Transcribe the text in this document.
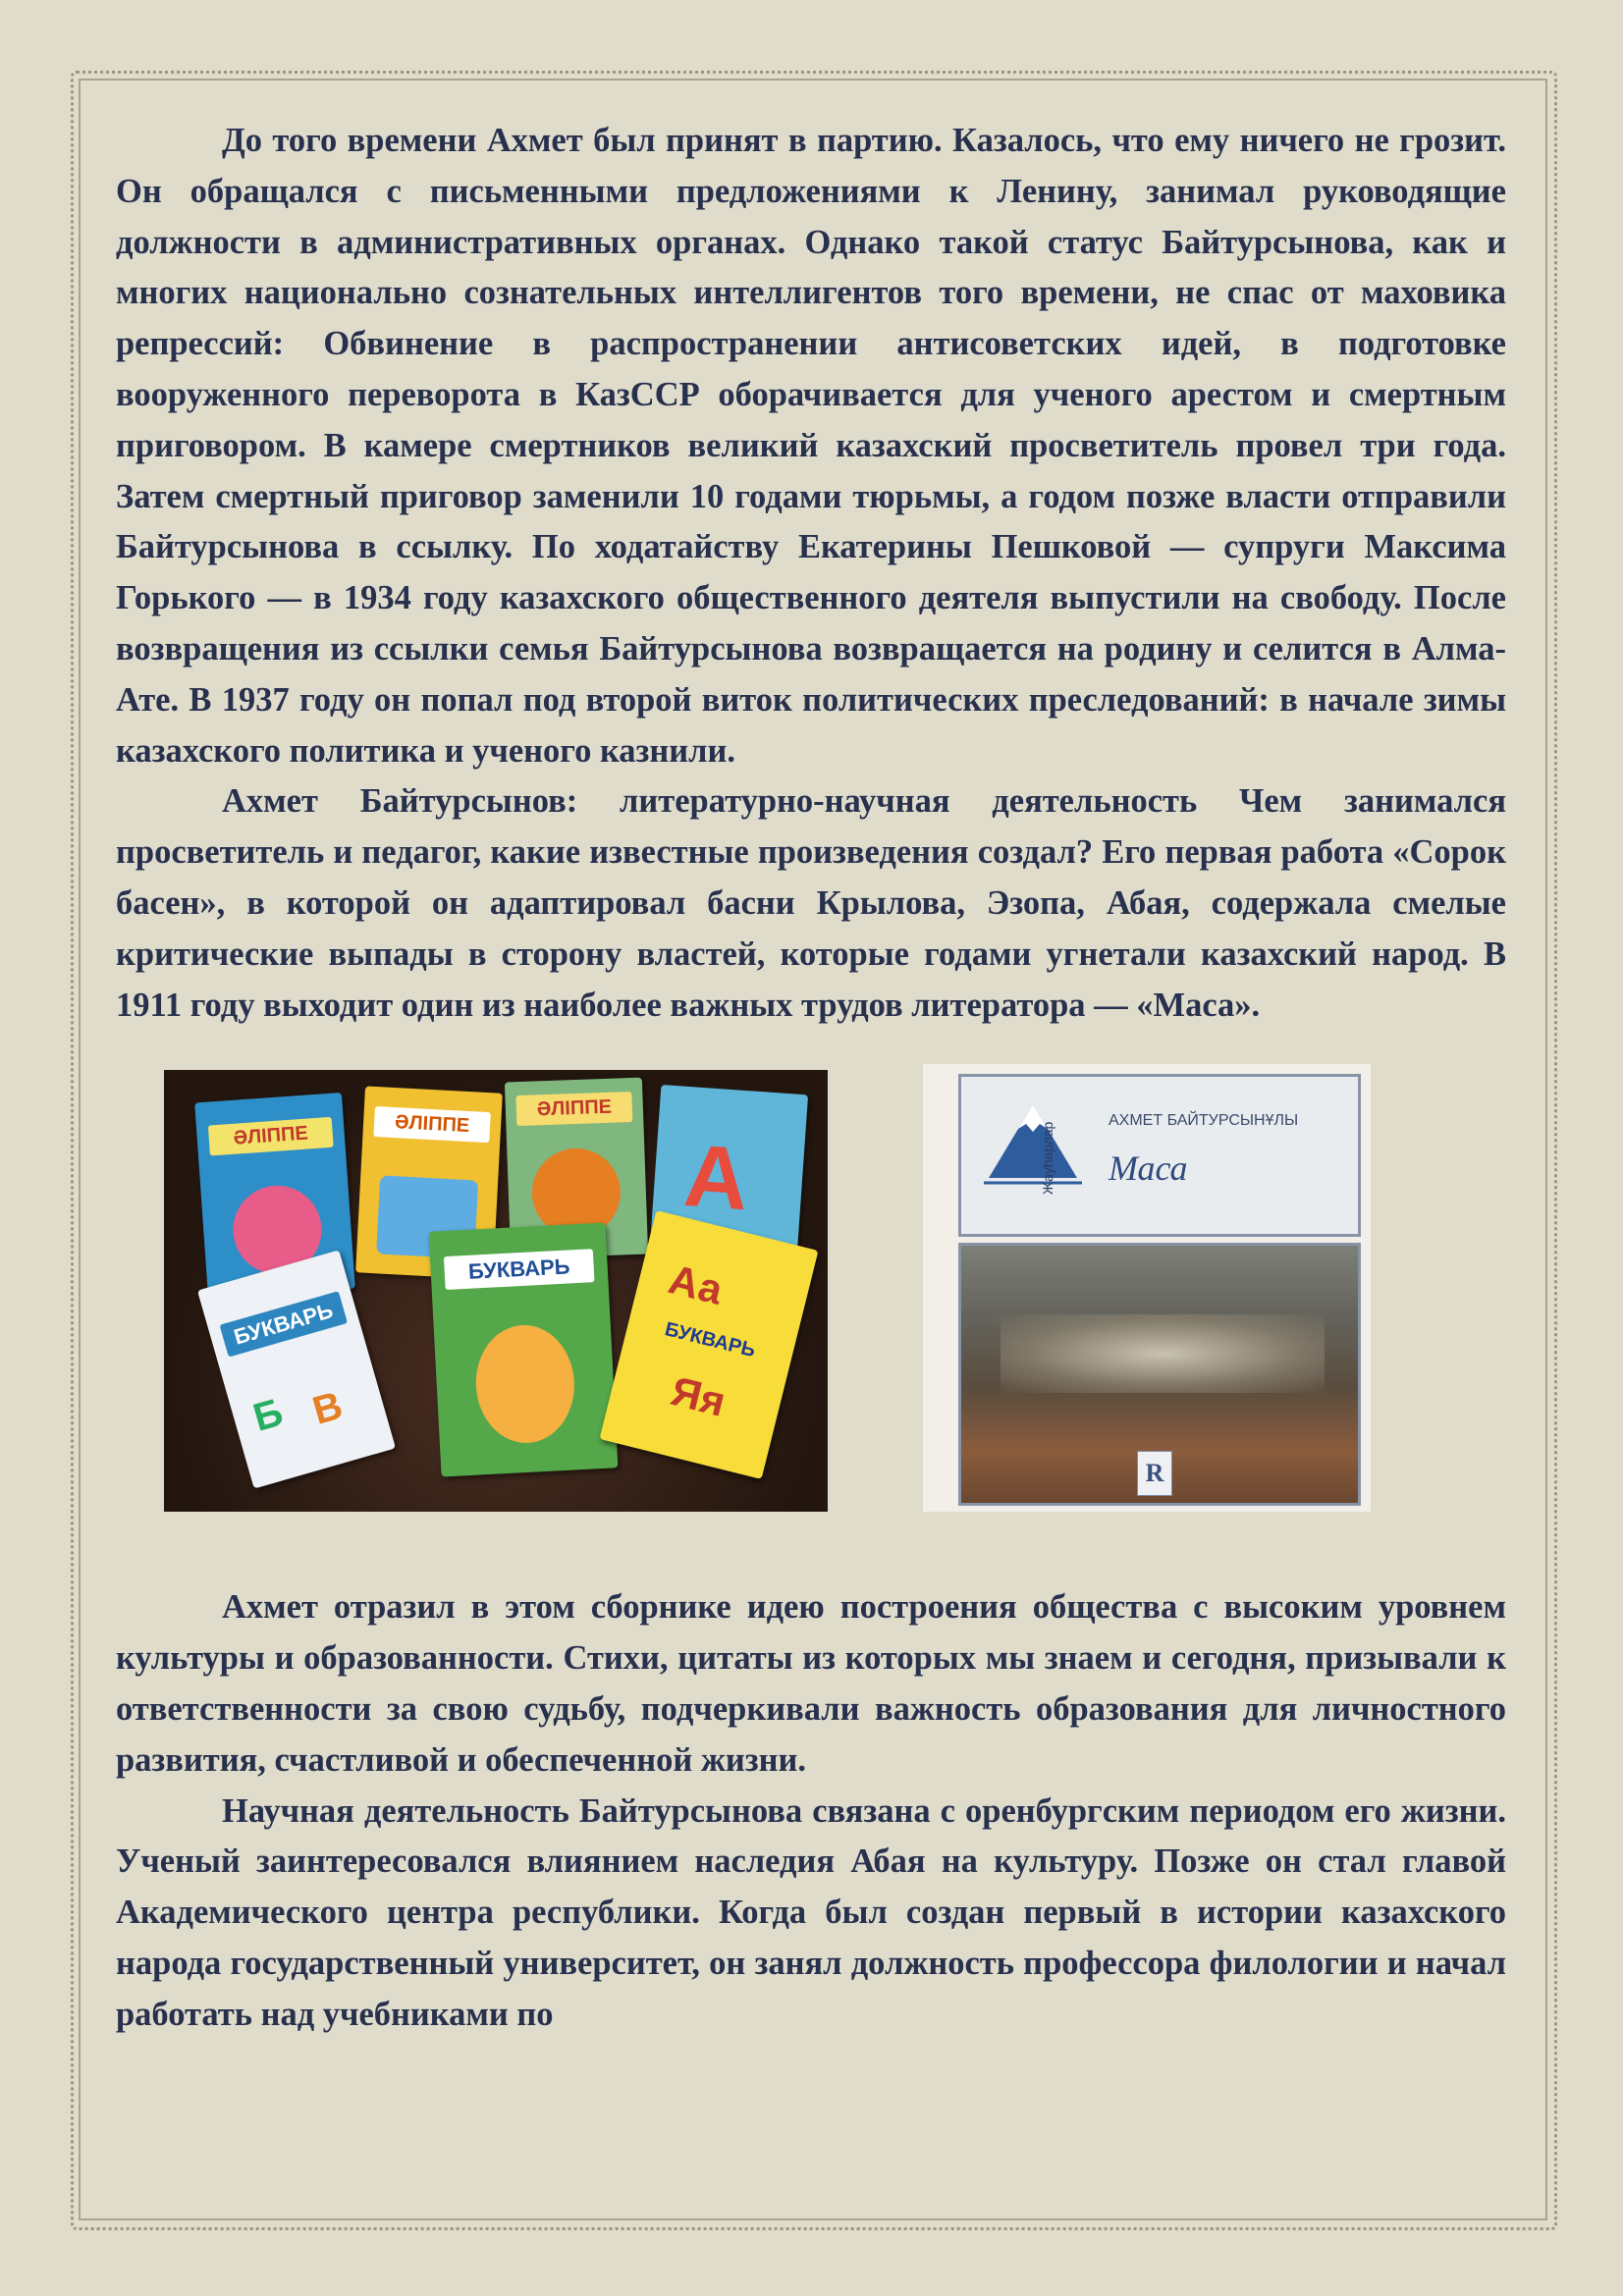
До того времени Ахмет был принят в партию. Казалось, что ему ничего не грозит. Он обращался с письменными предложениями к Ленину, занимал руководящие должности в административных органах. Однако такой статус Байтурсынова, как и многих национально сознательных интеллигентов того времени, не спас от маховика репрессий: Обвинение в распространении антисоветских идей, в подготовке вооруженного переворота в КазССР оборачивается для ученого арестом и смертным приговором. В камере смертников великий казахский просветитель провел три года. Затем смертный приговор заменили 10 годами тюрьмы, а годом позже власти отправили Байтурсынова в ссылку. По ходатайству Екатерины Пешковой — супруги Максима Горького — в 1934 году казахского общественного деятеля выпустили на свободу. После возвращения из ссылки семья Байтурсынова возвращается на родину и селится в Алма-Ате. В 1937 году он попал под второй виток политических преследований: в начале зимы казахского политика и ученого казнили.

Ахмет Байтурсынов: литературно-научная деятельность Чем занимался просветитель и педагог, какие известные произведения создал? Его первая работа «Сорок басен», в которой он адаптировал басни Крылова, Эзопа, Абая, содержала смелые критические выпады в сторону властей, которые годами угнетали казахский народ. В 1911 году выходит один из наиболее важных трудов литератора — «Маса».

ӘЛІППЕ	ӘЛІППЕ
ӘЛІППЕ
А
БУКВАРЬ
Б В
БУКВАРЬ	Аа
БУКВАРЬ
Яя
АХМЕТ БАЙТУРСЫНҰЛЫ
Маса
Жауһарлар
R

Ахмет отразил в этом сборнике идею построения общества с высоким уровнем культуры и образованности. Стихи, цитаты из которых мы знаем и сегодня, призывали к ответственности за свою судьбу, подчеркивали важность образования для личностного развития, счастливой и обеспеченной жизни.

Научная деятельность Байтурсынова связана с оренбургским периодом его жизни. Ученый заинтересовался влиянием наследия Абая на культуру. Позже он стал главой Академического центра республики. Когда был создан первый в истории казахского народа государственный университет, он занял должность профессора филологии и начал работать над учебниками по
